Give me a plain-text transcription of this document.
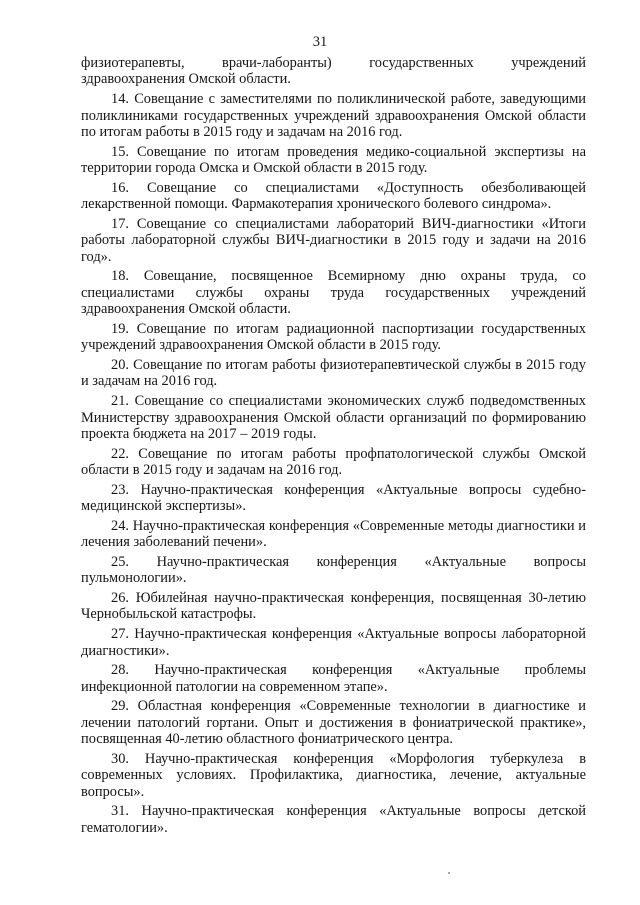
31

физиотерапевты, врачи-лаборанты) государственных учреждений здравоохранения Омской области.

14. Совещание с заместителями по поликлинической работе, заведующими поликлиниками государственных учреждений здравоохранения Омской области по итогам работы в 2015 году и задачам на 2016 год.

15. Совещание по итогам проведения медико-социальной экспертизы на территории города Омска и Омской области в 2015 году.

16. Совещание со специалистами «Доступность обезболивающей лекарственной помощи. Фармакотерапия хронического болевого синдрома».

17. Совещание со специалистами лабораторий ВИЧ-диагностики «Итоги работы лабораторной службы ВИЧ-диагностики в 2015 году и задачи на 2016 год».

18. Совещание, посвященное Всемирному дню охраны труда, со специалистами службы охраны труда государственных учреждений здравоохранения Омской области.

19. Совещание по итогам радиационной паспортизации государственных учреждений здравоохранения Омской области в 2015 году.

20. Совещание по итогам работы физиотерапевтической службы в 2015 году и задачам на 2016 год.

21. Совещание со специалистами экономических служб подведомственных Министерству здравоохранения Омской области организаций по формированию проекта бюджета на 2017 – 2019 годы.

22. Совещание по итогам работы профпатологической службы Омской области в 2015 году и задачам на 2016 год.

23. Научно-практическая конференция «Актуальные вопросы судебно-медицинской экспертизы».

24. Научно-практическая конференция «Современные методы диагностики и лечения заболеваний печени».

25. Научно-практическая конференция «Актуальные вопросы пульмонологии».

26. Юбилейная научно-практическая конференция, посвященная 30-летию Чернобыльской катастрофы.

27. Научно-практическая конференция «Актуальные вопросы лабораторной диагностики».

28. Научно-практическая конференция «Актуальные проблемы инфекционной патологии на современном этапе».

29. Областная конференция «Современные технологии в диагностике и лечении патологий гортани. Опыт и достижения в фониатрической практике», посвященная 40-летию областного фониатрического центра.

30. Научно-практическая конференция «Морфология туберкулеза в современных условиях. Профилактика, диагностика, лечение, актуальные вопросы».

31. Научно-практическая конференция «Актуальные вопросы детской гематологии».
